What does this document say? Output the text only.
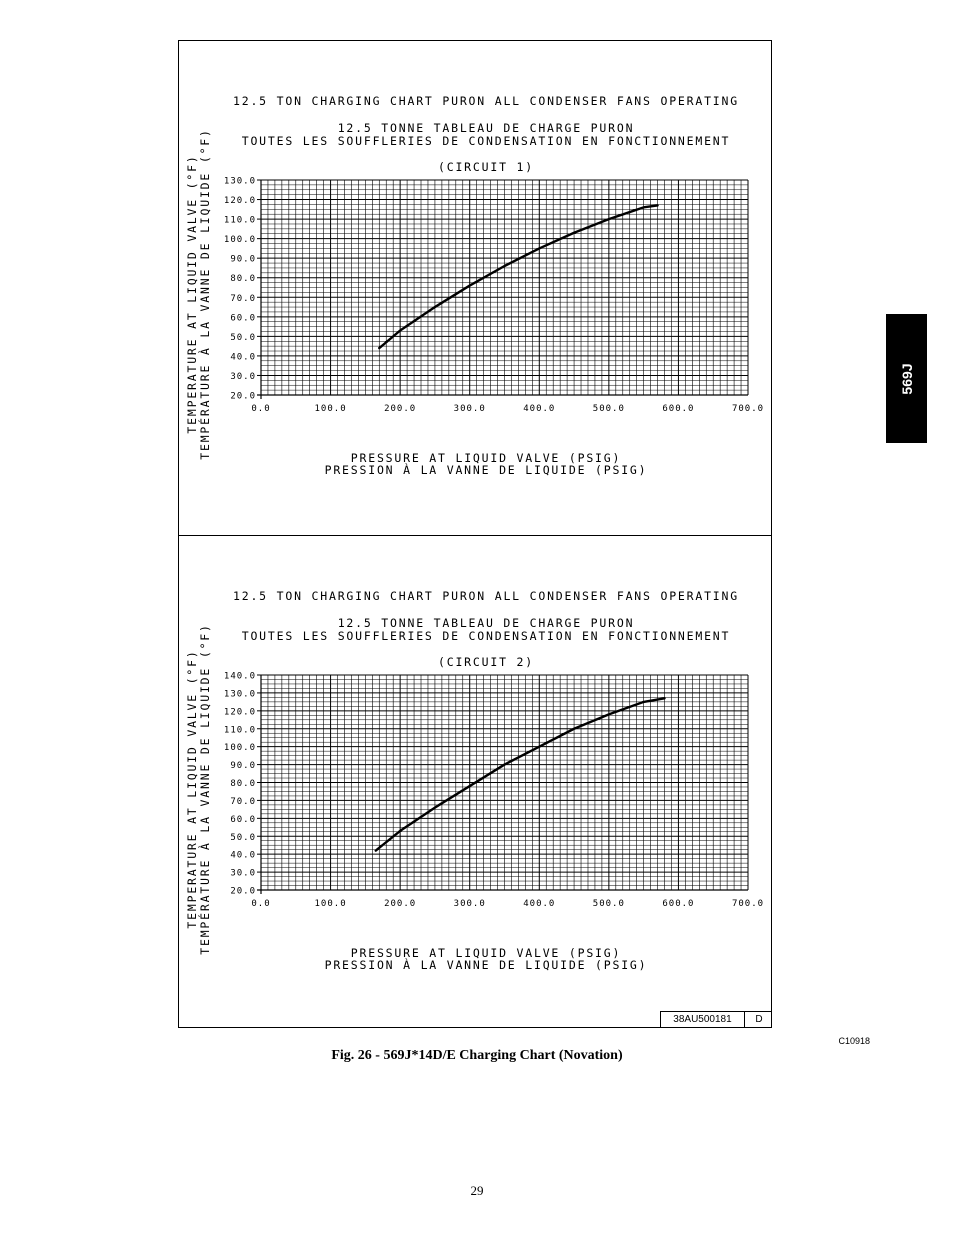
12.5 TON CHARGING CHART PURON ALL CONDENSER FANS OPERATING
12.5 TONNE TABLEAU DE CHARGE PURON
TOUTES LES SOUFFLERIES DE CONDENSATION EN FONCTIONNEMENT
(CIRCUIT 1)
20.0
30.0
40.0
50.0
60.0
70.0
80.0
90.0
100.0
110.0
120.0
130.0
0.0	100.0	200.0	300.0	400.0	500.0	600.0	700.0
PRESSURE AT LIQUID VALVE (PSIG)
PRESSION À LA VANNE DE LIQUIDE (PSIG)
TEMPERATURE AT LIQUID VALVE (°F) TEMPÉRATURE À LA VANNE DE LIQUIDE (°F)
12.5 TON CHARGING CHART PURON ALL CONDENSER FANS OPERATING
12.5 TONNE TABLEAU DE CHARGE PURON
TOUTES LES SOUFFLERIES DE CONDENSATION EN FONCTIONNEMENT
(CIRCUIT 2)
20.0
30.0
40.0
50.0
60.0
70.0
80.0
90.0
100.0
110.0
120.0
130.0
140.0
0.0	100.0	200.0	300.0	400.0	500.0	600.0	700.0
PRESSURE AT LIQUID VALVE (PSIG)
PRESSION À LA VANNE DE LIQUIDE (PSIG)
TEMPERATURE AT LIQUID VALVE (°F) TEMPÉRATURE À LA VANNE DE LIQUIDE (°F)
38AU500181	D
569J
C10918
Fig. 26 - 569J*14D/E Charging Chart (Novation)
29
